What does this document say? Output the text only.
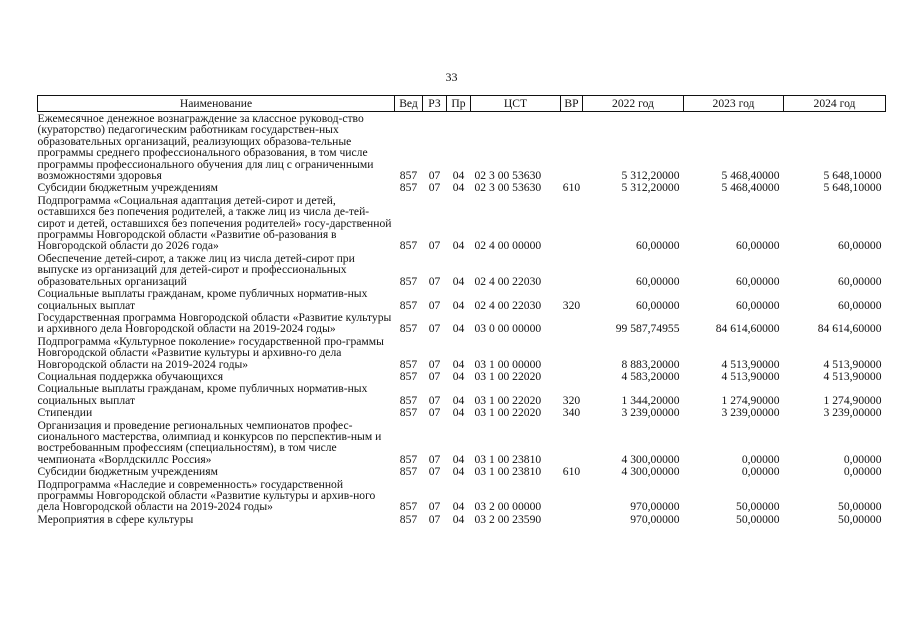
33
Наименование	Вед	РЗ	Пр	ЦСТ	ВР	2022 год	2023 год	2024 год
Ежемесячное денежное вознаграждение за классное руковод-ство (кураторство) педагогическим работникам государствен-ных образовательных организаций, реализующих образова-тельные программы среднего профессионального образования, в том числе программы профессионального обучения для лиц с ограниченными возможностями здоровья	857	07	04	02 3 00 53630		5 312,20000	5 468,40000	5 648,10000
Субсидии бюджетным учреждениям	857	07	04	02 3 00 53630	610	5 312,20000	5 468,40000	5 648,10000
Подпрограмма «Социальная адаптация детей-сирот и детей, оставшихся без попечения родителей, а также лиц из числа де-тей-сирот и детей, оставшихся без попечения родителей» госу-дарственной программы Новгородской области «Развитие об-разования в Новгородской области до 2026 года»	857	07	04	02 4 00 00000		60,00000	60,00000	60,00000
Обеспечение детей-сирот, а также лиц из числа детей-сирот при выпуске из организаций для детей-сирот и профессиональных образовательных организаций	857	07	04	02 4 00 22030		60,00000	60,00000	60,00000
Социальные выплаты гражданам, кроме публичных норматив-ных социальных выплат	857	07	04	02 4 00 22030	320	60,00000	60,00000	60,00000
Государственная программа Новгородской области «Развитие культуры и архивного дела Новгородской области на 2019-2024 годы»	857	07	04	03 0 00 00000		99 587,74955	84 614,60000	84 614,60000
Подпрограмма «Культурное поколение» государственной про-граммы Новгородской области «Развитие культуры и архивно-го дела Новгородской области на 2019-2024 годы»	857	07	04	03 1 00 00000		8 883,20000	4 513,90000	4 513,90000
Социальная поддержка обучающихся	857	07	04	03 1 00 22020		4 583,20000	4 513,90000	4 513,90000
Социальные выплаты гражданам, кроме публичных норматив-ных социальных выплат	857	07	04	03 1 00 22020	320	1 344,20000	1 274,90000	1 274,90000
Стипендии	857	07	04	03 1 00 22020	340	3 239,00000	3 239,00000	3 239,00000
Организация и проведение региональных чемпионатов профес-сионального мастерства, олимпиад и конкурсов по перспектив-ным и востребованным профессиям (специальностям), в том числе чемпионата «Ворлдскиллс Россия»	857	07	04	03 1 00 23810		4 300,00000	0,00000	0,00000
Субсидии бюджетным учреждениям	857	07	04	03 1 00 23810	610	4 300,00000	0,00000	0,00000
Подпрограмма «Наследие и современность» государственной программы Новгородской области «Развитие культуры и архив-ного дела Новгородской области на 2019-2024 годы»	857	07	04	03 2 00 00000		970,00000	50,00000	50,00000
Мероприятия в сфере культуры	857	07	04	03 2 00 23590		970,00000	50,00000	50,00000
